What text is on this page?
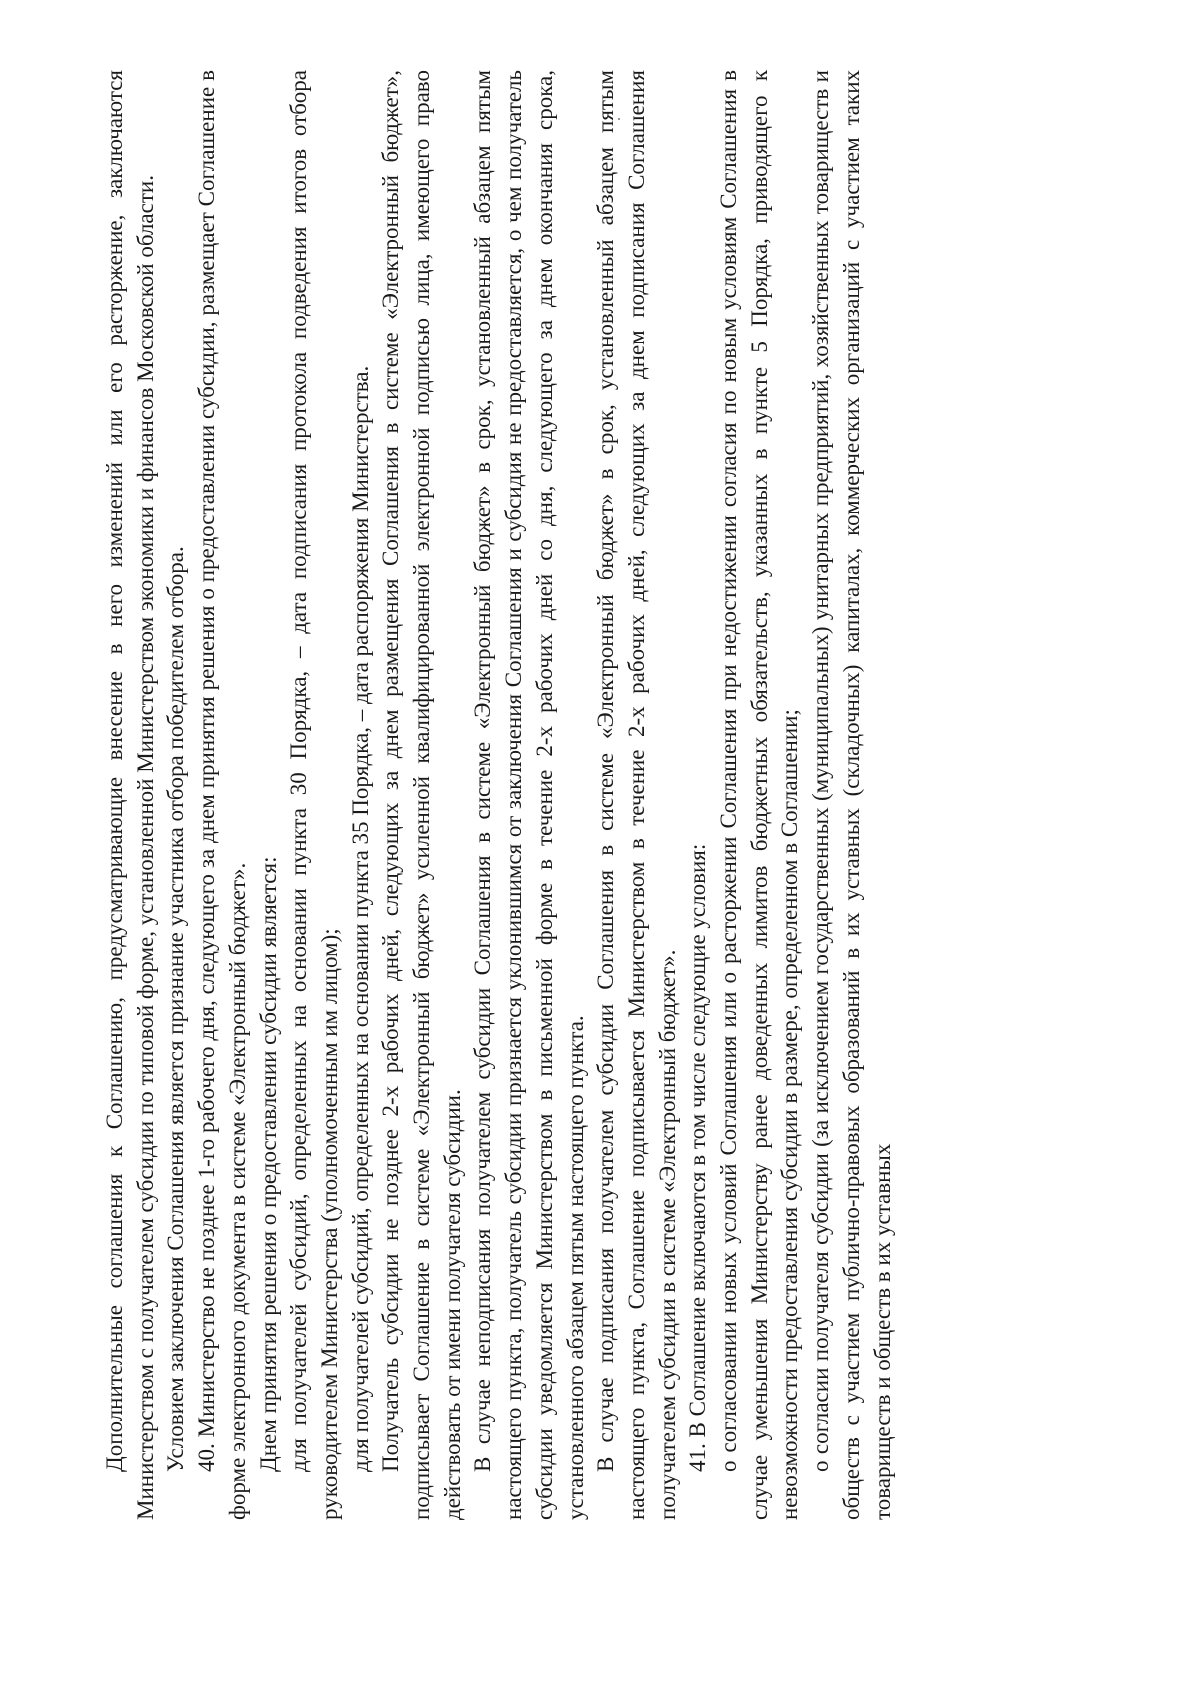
Дополнительные соглашения к Соглашению, предусматривающие внесение в него изменений или его расторжение, заключаются Министерством с получателем субсидии по типовой форме, установленной Министерством экономики и финансов Московской области. Условием заключения Соглашения является признание участника отбора победителем отбора. 40. Министерство не позднее 1-го рабочего дня, следующего за днем принятия решения о предоставлении субсидии, размещает Соглашение в форме электронного документа в системе «Электронный бюджет». Днем принятия решения о предоставлении субсидии является: для получателей субсидий, определенных на основании пункта 30 Порядка, – дата подписания протокола подведения итогов отбора руководителем Министерства (уполномоченным им лицом); для получателей субсидий, определенных на основании пункта 35 Порядка, – дата распоряжения Министерства. Получатель субсидии не позднее 2-х рабочих дней, следующих за днем размещения Соглашения в системе «Электронный бюджет», подписывает Соглашение в системе «Электронный бюджет» усиленной квалифицированной электронной подписью лица, имеющего право действовать от имени получателя субсидии. В случае неподписания получателем субсидии Соглашения в системе «Электронный бюджет» в срок, установленный абзацем пятым настоящего пункта, получатель субсидии признается уклонившимся от заключения Соглашения и субсидия не предоставляется, о чем получатель субсидии уведомляется Министерством в письменной форме в течение 2-х рабочих дней со дня, следующего за днем окончания срока, установленного абзацем пятым настоящего пункта. В случае подписания получателем субсидии Соглашения в системе «Электронный бюджет» в срок, установленный абзацем пятым настоящего пункта, Соглашение подписывается Министерством в течение 2-х рабочих дней, следующих за днем подписания Соглашения получателем субсидии в системе «Электронный бюджет». 41. В Соглашение включаются в том числе следующие условия: о согласовании новых условий Соглашения или о расторжении Соглашения при недостижении согласия по новым условиям Соглашения в случае уменьшения Министерству ранее доведенных лимитов бюджетных обязательств, указанных в пункте 5 Порядка, приводящего к невозможности предоставления субсидии в размере, определенном в Соглашении; о согласии получателя субсидии (за исключением государственных (муниципальных) унитарных предприятий, хозяйственных товариществ и обществ с участием публично-правовых образований в их уставных (складочных) капиталах, коммерческих организаций с участием таких товариществ и обществ в их уставных
